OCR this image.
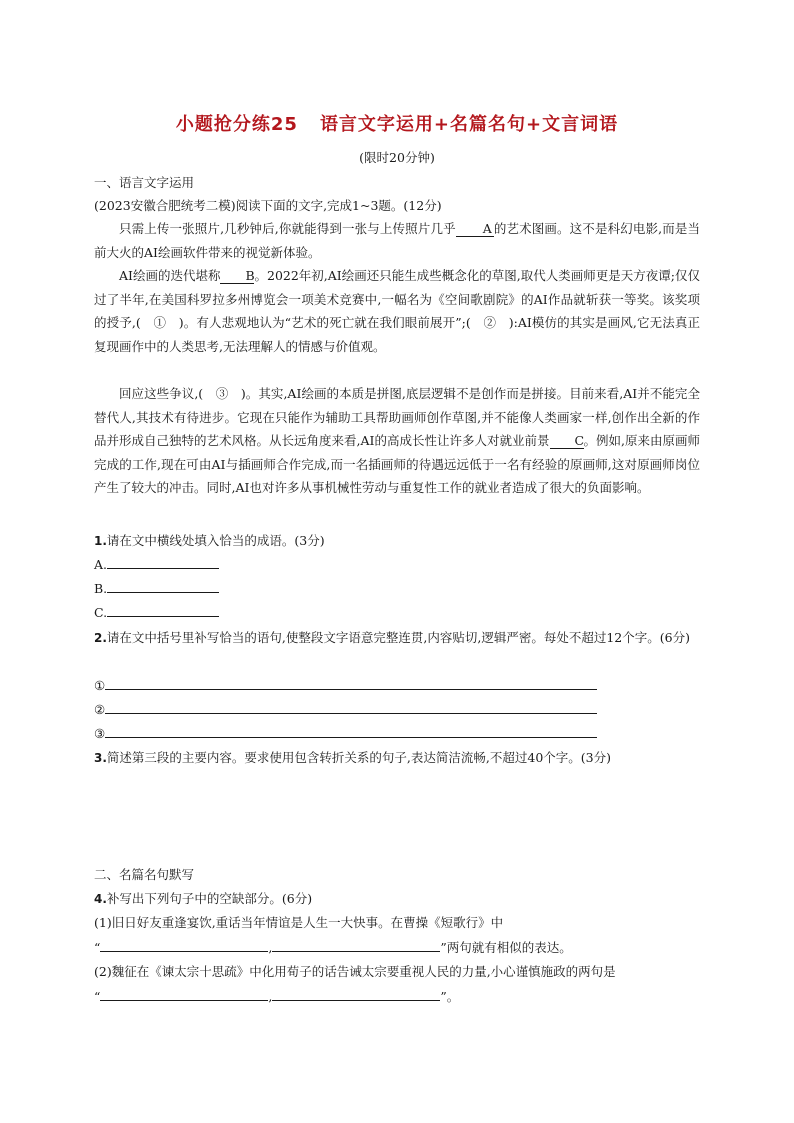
小题抢分练25 语言文字运用+名篇名句+文言词语
(限时20分钟)
一、语言文字运用
(2023安徽合肥统考二模)阅读下面的文字,完成1~3题。(12分)
只需上传一张照片,几秒钟后,你就能得到一张与上传照片几乎 A 的艺术图画。这不是科幻电影,而是当前大火的AI绘画软件带来的视觉新体验。
AI绘画的迭代堪称 B。2022年初,AI绘画还只能生成些概念化的草图,取代人类画师更是天方夜谭;仅仅过了半年,在美国科罗拉多州博览会一项美术竞赛中,一幅名为《空间歌剧院》的AI作品就斩获一等奖。该奖项的授予,(　①　)。有人悲观地认为“艺术的死亡就在我们眼前展开”;(　②　):AI模仿的其实是画风,它无法真正复现画作中的人类思考,无法理解人的情感与价值观。
回应这些争议,(　③　)。其实,AI绘画的本质是拼图,底层逻辑不是创作而是拼接。目前来看,AI并不能完全替代人,其技术有待进步。它现在只能作为辅助工具帮助画师创作草图,并不能像人类画家一样,创作出全新的作品并形成自己独特的艺术风格。从长远角度来看,AI的高成长性让许多人对就业前景 C。例如,原来由原画师完成的工作,现在可由AI与插画师合作完成,而一名插画师的待遇远远低于一名有经验的原画师,这对原画师岗位产生了较大的冲击。同时,AI也对许多从事机械性劳动与重复性工作的就业者造成了很大的负面影响。
1.请在文中横线处填入恰当的成语。(3分)
A.
B.
C.
2.请在文中括号里补写恰当的语句,使整段文字语意完整连贯,内容贴切,逻辑严密。每处不超过12个字。(6分)
①
②
③
3.简述第三段的主要内容。要求使用包含转折关系的句子,表达简洁流畅,不超过40个字。(3分)
二、名篇名句默写
4.补写出下列句子中的空缺部分。(6分)
(1)旧日好友重逢宴饮,重话当年情谊是人生一大快事。在曹操《短歌行》中
“	,	”两句就有相似的表达。
(2)魏征在《谏太宗十思疏》中化用荀子的话告诫太宗要重视人民的力量,小心谨慎施政的两句是
“	,	”。
